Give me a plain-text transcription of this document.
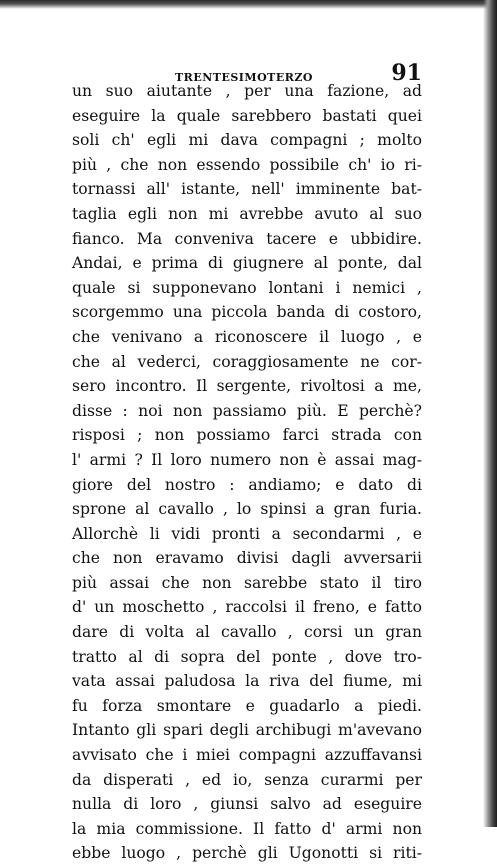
TRENTESIMOTERZO	91
un suo aiutante , per una fazione, ad
eseguire la quale sarebbero bastati quei
soli ch' egli mi dava compagni ; molto
più , che non essendo possibile ch' io ri-
tornassi all' istante, nell' imminente bat-
taglia egli non mi avrebbe avuto al suo
fianco. Ma conveniva tacere e ubbidire.
Andai, e prima di giugnere al ponte, dal
quale si supponevano lontani i nemici ,
scorgemmo una piccola banda di costoro,
che venivano a riconoscere il luogo , e
che al vederci, coraggiosamente ne cor-
sero incontro. Il sergente, rivoltosi a me,
disse : noi non passiamo più. E perchè?
risposi ; non possiamo farci strada con
l' armi ? Il loro numero non è assai mag-
giore del nostro : andiamo; e dato di
sprone al cavallo , lo spinsi a gran furia.
Allorchè li vidi pronti a secondarmi , e
che non eravamo divisi dagli avversarii
più assai che non sarebbe stato il tiro
d' un moschetto , raccolsi il freno, e fatto
dare di volta al cavallo , corsi un gran
tratto al di sopra del ponte , dove tro-
vata assai paludosa la riva del fiume, mi
fu forza smontare e guadarlo a piedi.
Intanto gli spari degli archibugi m'avevano
avvisato che i miei compagni azzuffavansi
da disperati , ed io, senza curarmi per
nulla di loro , giunsi salvo ad eseguire
la mia commissione. Il fatto d' armi non
ebbe luogo , perchè gli Ugonotti si riti-
